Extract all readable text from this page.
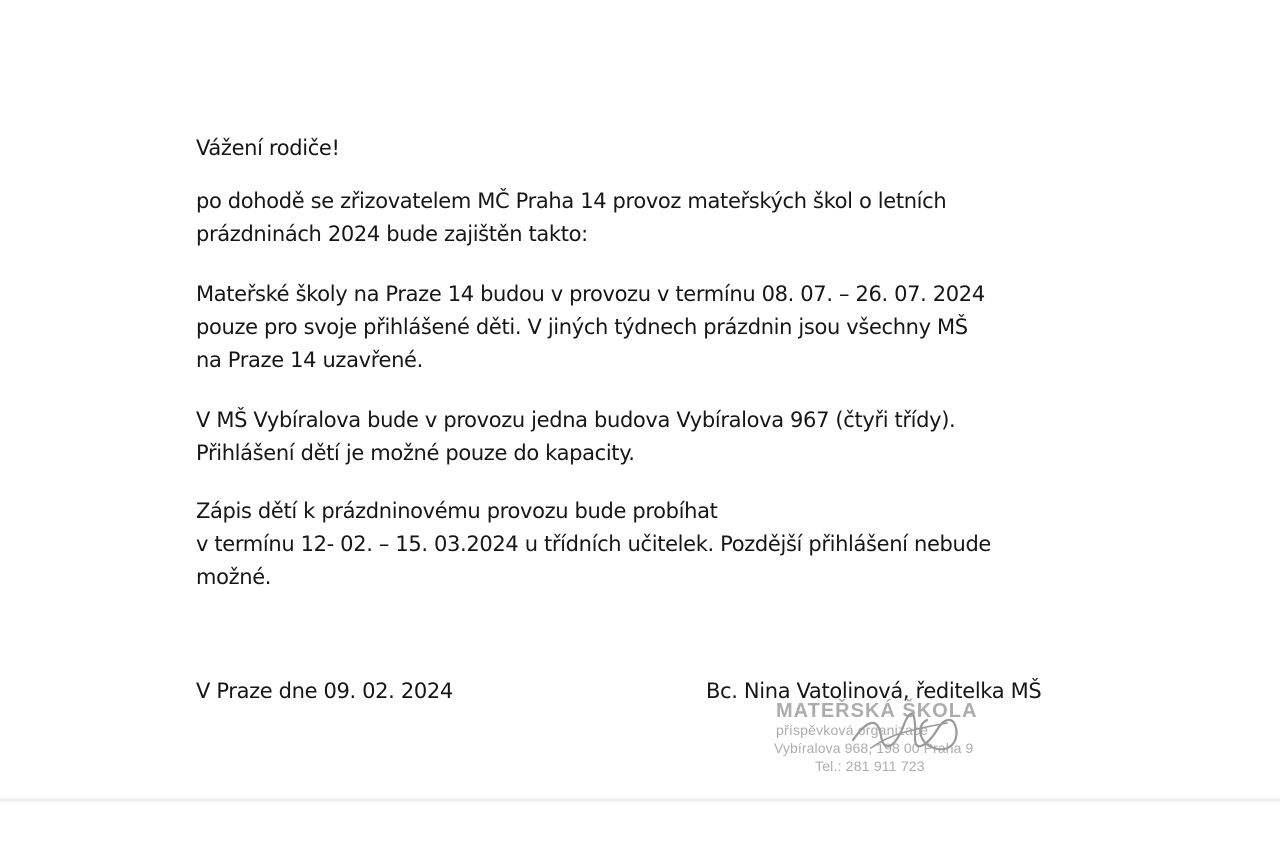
Vážení rodiče!

po dohodě se zřizovatelem MČ Praha 14 provoz mateřských škol o letních
prázdninách 2024 bude zajištěn takto:

Mateřské školy na Praze 14 budou v provozu v termínu 08. 07. – 26. 07. 2024
pouze pro svoje přihlášené děti. V jiných týdnech prázdnin jsou všechny MŠ
na Praze 14 uzavřené.

V MŠ Vybíralova bude v provozu jedna budova Vybíralova 967 (čtyři třídy).
Přihlášení dětí je možné pouze do kapacity.

Zápis dětí k prázdninovému provozu bude probíhat
v termínu 12- 02. – 15. 03.2024 u třídních učitelek. Pozdější přihlášení nebude
možné.

V Praze dne 09. 02. 2024	Bc. Nina Vatolinová, ředitelka MŠ
MATEŘSKÁ ŠKOLA
příspěvková organizace
Vybíralova 968, 198 00 Praha 9
Tel.: 281 911 723
